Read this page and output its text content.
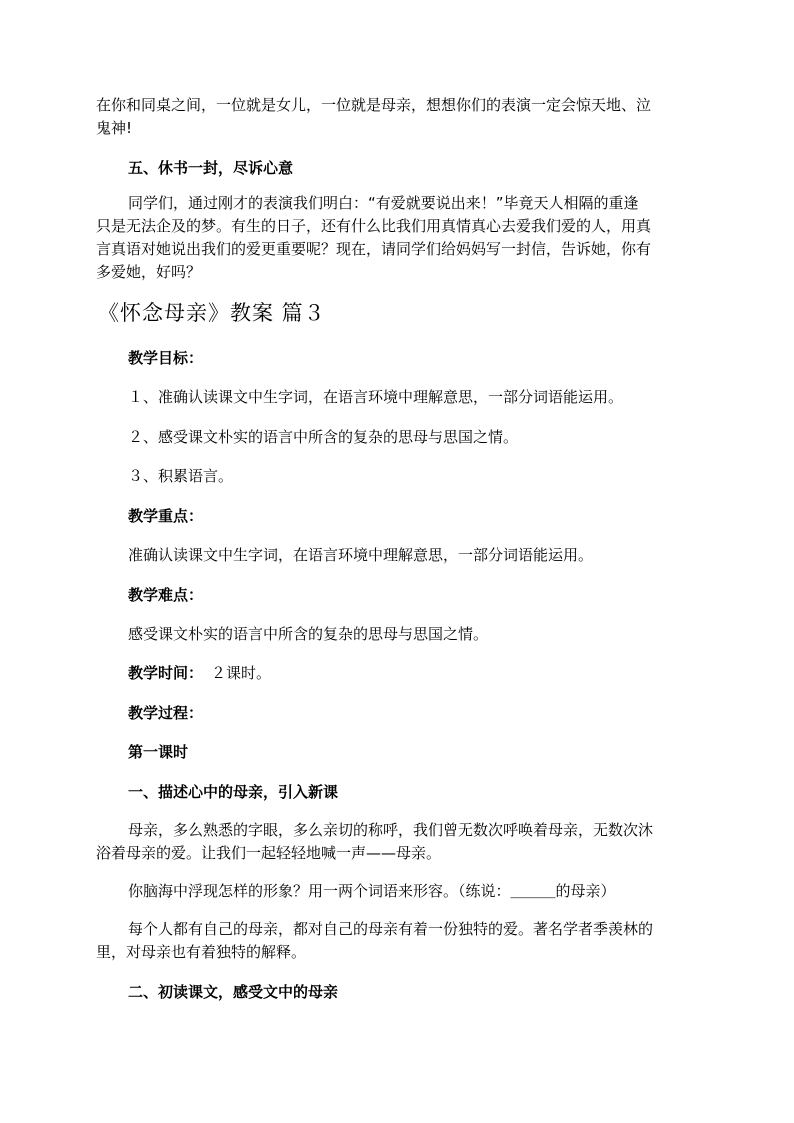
在你和同桌之间，一位就是女儿，一位就是母亲，想想你们的表演一定会惊天地、泣
鬼神!
五、休书一封，尽诉心意
同学们，通过刚才的表演我们明白：“有爱就要说出来！”毕竟天人相隔的重逢
只是无法企及的梦。有生的日子，还有什么比我们用真情真心去爱我们爱的人，用真
言真语对她说出我们的爱更重要呢？现在，请同学们给妈妈写一封信，告诉她，你有
多爱她，好吗？
《怀念母亲》教案 篇３
教学目标：
１、准确认读课文中生字词，在语言环境中理解意思，一部分词语能运用。
２、感受课文朴实的语言中所含的复杂的思母与思国之情。
３、积累语言。
教学重点：
准确认读课文中生字词，在语言环境中理解意思，一部分词语能运用。
教学难点：
感受课文朴实的语言中所含的复杂的思母与思国之情。
教学时间： ２课时。
教学过程：
第一课时
一、描述心中的母亲，引入新课
母亲，多么熟悉的字眼，多么亲切的称呼，我们曾无数次呼唤着母亲，无数次沐
浴着母亲的爱。让我们一起轻轻地喊一声——母亲。
你脑海中浮现怎样的形象？用一两个词语来形容。（练说：＿＿＿的母亲）
每个人都有自己的母亲，都对自己的母亲有着一份独特的爱。著名学者季羡林的
里，对母亲也有着独特的解释。
二、初读课文，感受文中的母亲
